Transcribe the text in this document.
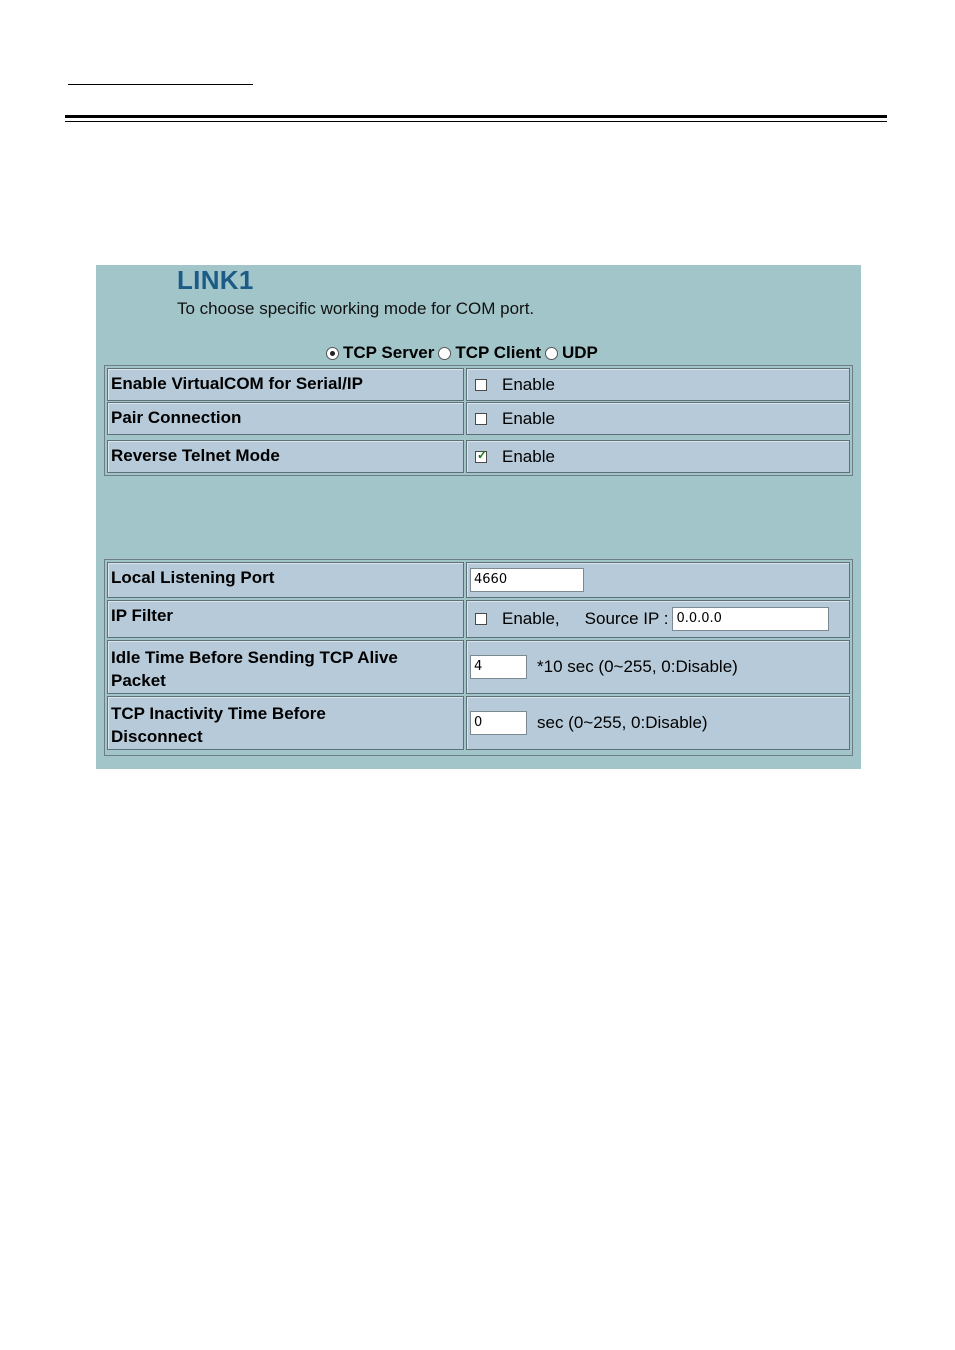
LINK1
To choose specific working mode for COM port.
TCP Server TCP Client UDP
Enable VirtualCOM for Serial/IP	Enable
Pair Connection	Enable
Reverse Telnet Mode
✓	Enable
Local Listening Port	4660
IP Filter	Enable, Source IP : 0.0.0.0
Idle Time Before Sending TCP Alive
Packet
4	*10 sec (0~255, 0:Disable)
TCP Inactivity Time Before
Disconnect
0	sec (0~255, 0:Disable)
